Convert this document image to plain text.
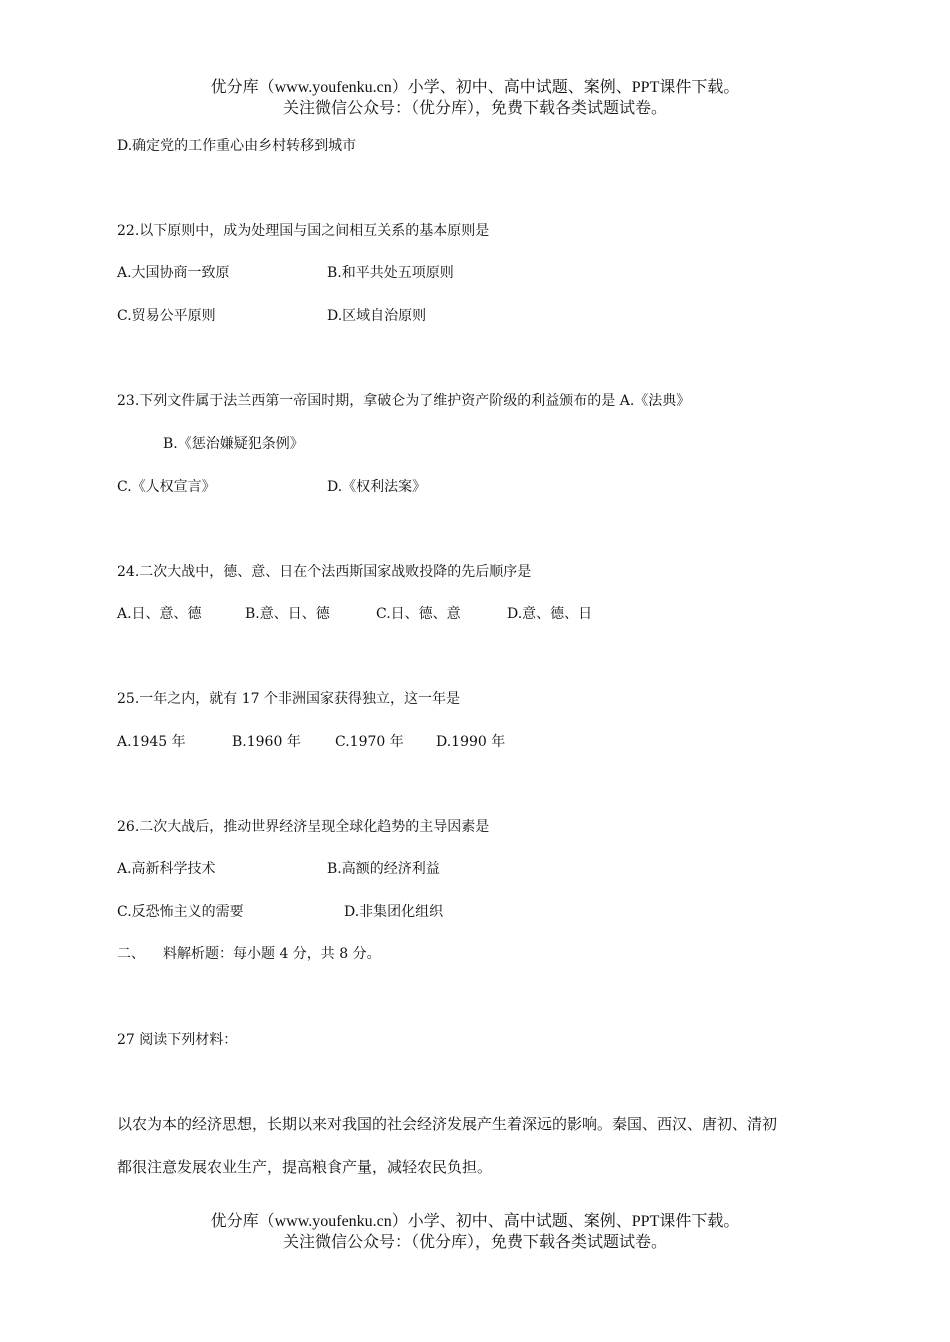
优分库（www.youfenku.cn）小学、初中、高中试题、案例、PPT课件下载。
关注微信公众号：（优分库），免费下载各类试题试卷。
D.确定党的工作重心由乡村转移到城市
22.以下原则中，成为处理国与国之间相互关系的基本原则是
A.大国协商一致原	B.和平共处五项原则
C.贸易公平原则	D.区域自治原则
23.下列文件属于法兰西第一帝国时期，拿破仑为了维护资产阶级的利益颁布的是 A.《法典》
B.《惩治嫌疑犯条例》
C.《人权宣言》	D.《权利法案》
24.二次大战中，德、意、日在个法西斯国家战败投降的先后顺序是
A.日、意、德	B.意、日、德	C.日、德、意	D.意、德、日
25.一年之内，就有 17 个非洲国家获得独立，这一年是
A.1945 年	B.1960 年 C.1970 年 D.1990 年
26.二次大战后，推动世界经济呈现全球化趋势的主导因素是
A.高新科学技术	B.高额的经济利益
C.反恐怖主义的需要	D.非集团化组织
二、 料解析题：每小题 4 分，共 8 分。
27 阅读下列材料：
以农为本的经济思想，长期以来对我国的社会经济发展产生着深远的影响。秦国、西汉、唐初、清初
都很注意发展农业生产，提高粮食产量，减轻农民负担。
优分库（www.youfenku.cn）小学、初中、高中试题、案例、PPT课件下载。
关注微信公众号：（优分库），免费下载各类试题试卷。
